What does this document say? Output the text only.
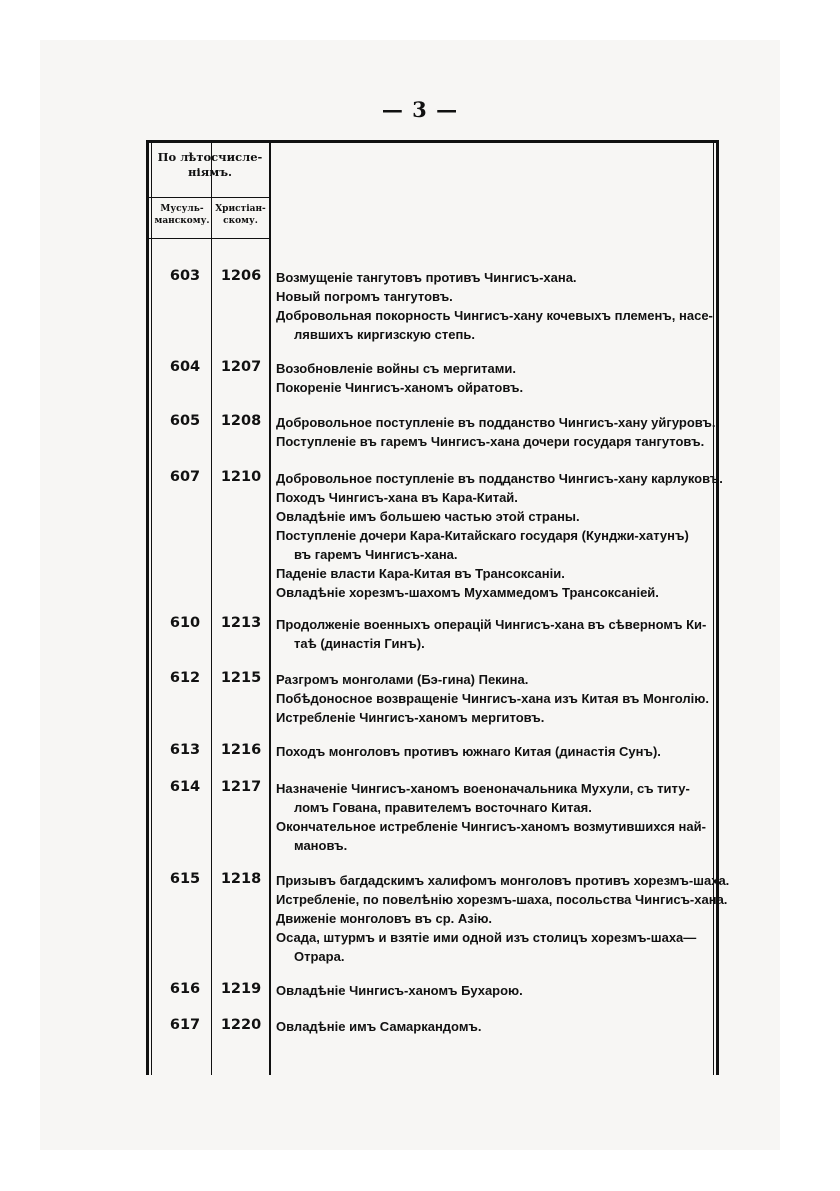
— 3 —
По лѣтосчисле-
ніямъ.
Мусуль-
манскому.
Христіан-
скому.
603	1206	Возмущеніе тангутовъ противъ Чингисъ-хана.
Новый погромъ тангутовъ.
Добровольная покорность Чингисъ-хану кочевыхъ племенъ, насе-
лявшихъ киргизскую степь.
604	1207	Возобновленіе войны съ мергитами.
Покореніе Чингисъ-ханомъ ойратовъ.
605	1208	Добровольное поступленіе въ подданство Чингисъ-хану уйгуровъ.
Поступленіе въ гаремъ Чингисъ-хана дочери государя тангутовъ.
607	1210	Добровольное поступленіе въ подданство Чингисъ-хану карлуковъ.
Походъ Чингисъ-хана въ Кара-Китай.
Овладѣніе имъ большею частью этой страны.
Поступленіе дочери Кара-Китайскаго государя (Кунджи-хатунъ)
въ гаремъ Чингисъ-хана.
Паденіе власти Кара-Китая въ Трансоксаніи.
Овладѣніе хорезмъ-шахомъ Мухаммедомъ Трансоксаніей.
610	1213	Продолженіе военныхъ операцій Чингисъ-хана въ сѣверномъ Ки-
таѣ (династія Гинъ).
612	1215	Разгромъ монголами (Бэ-гина) Пекина.
Побѣдоносное возвращеніе Чингисъ-хана изъ Китая въ Монголію.
Истребленіе Чингисъ-ханомъ мергитовъ.
613	1216	Походъ монголовъ противъ южнаго Китая (династія Сунъ).
614	1217	Назначеніе Чингисъ-ханомъ военоначальника Мухули, съ титу-
ломъ Гована, правителемъ восточнаго Китая.
Окончательное истребленіе Чингисъ-ханомъ возмутившихся най-
мановъ.
615	1218	Призывъ багдадскимъ халифомъ монголовъ противъ хорезмъ-шаха.
Истребленіе, по повелѣнію хорезмъ-шаха, посольства Чингисъ-хана.
Движеніе монголовъ въ ср. Азію.
Осада, штурмъ и взятіе ими одной изъ столицъ хорезмъ-шаха—
Отрара.
616	1219	Овладѣніе Чингисъ-ханомъ Бухарою.
617	1220	Овладѣніе имъ Самаркандомъ.
